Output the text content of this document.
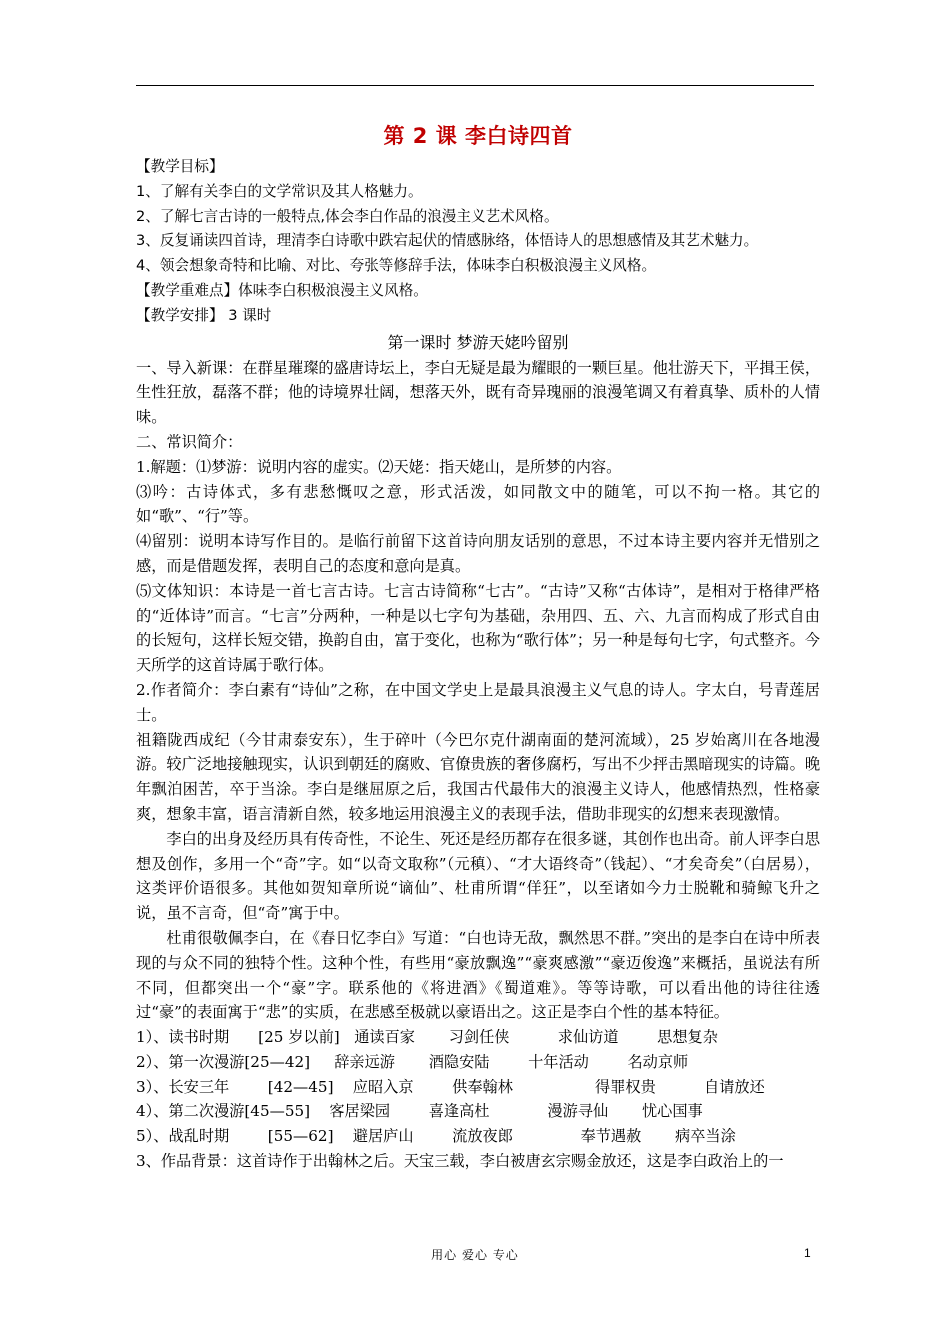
第 2 课 李白诗四首

【教学目标】

1、了解有关李白的文学常识及其人格魅力。

2、了解七言古诗的一般特点,体会李白作品的浪漫主义艺术风格。

3、反复诵读四首诗，理清李白诗歌中跌宕起伏的情感脉络，体悟诗人的思想感情及其艺术魅力。

4、领会想象奇特和比喻、对比、夸张等修辞手法，体味李白积极浪漫主义风格。

【教学重难点】体味李白积极浪漫主义风格。

【教学安排】 3 课时

第一课时 梦游天姥吟留别

一、导入新课：在群星璀璨的盛唐诗坛上，李白无疑是最为耀眼的一颗巨星。他壮游天下，平揖王侯，生性狂放，磊落不群；他的诗境界壮阔，想落天外，既有奇异瑰丽的浪漫笔调又有着真挚、质朴的人情味。

二、常识简介：

1.解题：⑴梦游：说明内容的虚实。⑵天姥：指天姥山，是所梦的内容。

⑶吟：古诗体式，多有悲愁慨叹之意，形式活泼，如同散文中的随笔，可以不拘一格。其它的如“歌”、“行”等。

⑷留别：说明本诗写作目的。是临行前留下这首诗向朋友话别的意思，不过本诗主要内容并无惜别之感，而是借题发挥，表明自己的态度和意向是真。

⑸文体知识：本诗是一首七言古诗。七言古诗简称“七古”。“古诗”又称“古体诗”，是相对于格律严格的“近体诗”而言。“七言”分两种，一种是以七字句为基础，杂用四、五、六、九言而构成了形式自由的长短句，这样长短交错，换韵自由，富于变化，也称为“歌行体”；另一种是每句七字，句式整齐。今天所学的这首诗属于歌行体。

2.作者简介：李白素有“诗仙”之称，在中国文学史上是最具浪漫主义气息的诗人。字太白，号青莲居士。

祖籍陇西成纪（今甘肃泰安东），生于碎叶（今巴尔克什湖南面的楚河流域），25 岁始离川在各地漫游。较广泛地接触现实，认识到朝廷的腐败、官僚贵族的奢侈腐朽，写出不少抨击黑暗现实的诗篇。晚年飘泊困苦，卒于当涂。李白是继屈原之后，我国古代最伟大的浪漫主义诗人，他感情热烈，性格豪爽，想象丰富，语言清新自然，较多地运用浪漫主义的表现手法，借助非现实的幻想来表现激情。

李白的出身及经历具有传奇性，不论生、死还是经历都存在很多谜，其创作也出奇。前人评李白思想及创作，多用一个“奇”字。如“以奇文取称”（元稹）、“才大语终奇”（钱起）、“才矣奇矣”（白居易），这类评价语很多。其他如贺知章所说“谪仙”、杜甫所谓“佯狂”，以至诸如今力士脱靴和骑鲸飞升之说，虽不言奇，但“奇”寓于中。

杜甫很敬佩李白，在《春日忆李白》写道：“白也诗无敌，飘然思不群。”突出的是李白在诗中所表现的与众不同的独特个性。这种个性，有些用“豪放飘逸”“豪爽感激”“豪迈俊逸”来概括，虽说法有所不同，但都突出一个“豪”字。联系他的《将进酒》《蜀道难》。等等诗歌，可以看出他的诗往往透过“豪”的表面寓于“悲”的实质，在悲感至极就以豪语出之。这正是李白个性的基本特征。

1）、读书时期      [25 岁以前]   通读百家       习剑任侠          求仙访道        思想复杂

2）、第一次漫游[25—42]     辞亲远游       酒隐安陆        十年活动        名动京师

3）、长安三年        [42—45]    应昭入京        供奉翰林                 得罪权贵          自请放还

4）、第二次漫游[45—55]    客居梁园        喜逢高杜            漫游寻仙       忧心国事

5）、战乱时期        [55—62]    避居庐山        流放夜郎              奉节遇赦       病卒当涂

3、作品背景：这首诗作于出翰林之后。天宝三载，李白被唐玄宗赐金放还，这是李白政治上的一

用心 爱心 专心	1
